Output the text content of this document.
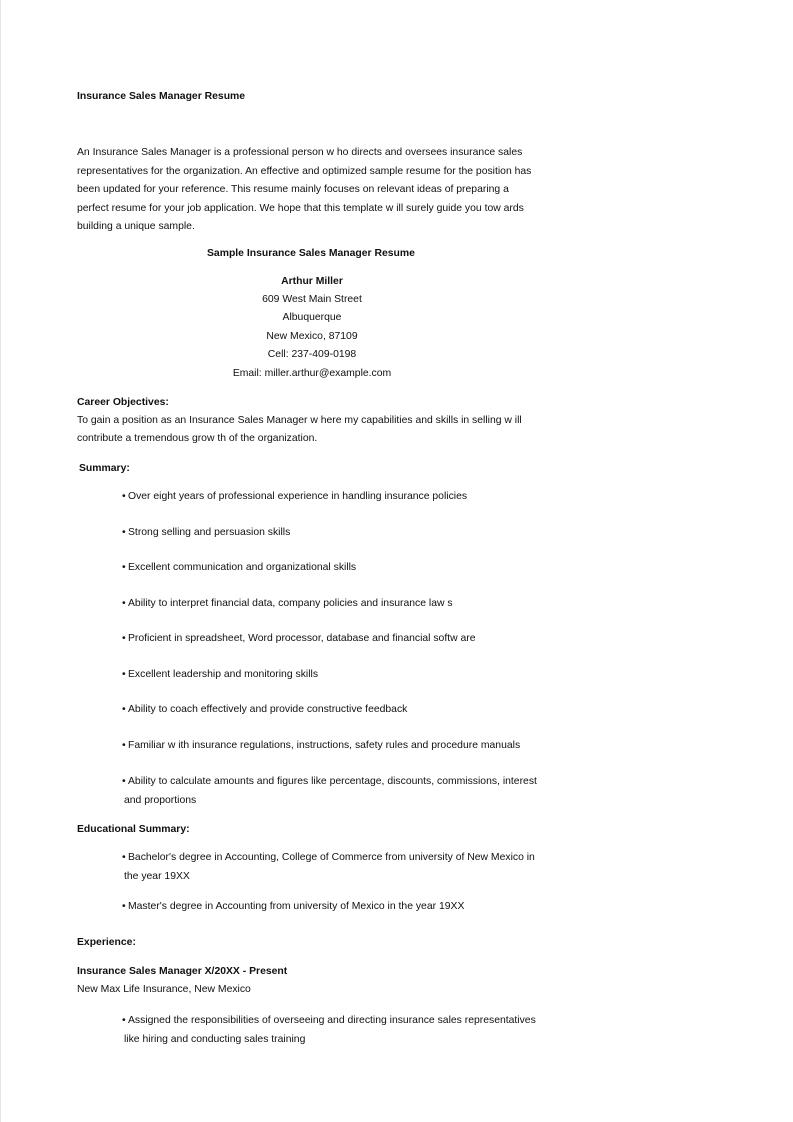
Insurance Sales Manager Resume
An Insurance Sales Manager is a professional person w ho directs and oversees insurance sales
representatives for the organization. An effective and optimized sample resume for the position has
been updated for your reference. This resume mainly focuses on relevant ideas of preparing a
perfect resume for your job application. We hope that this template w ill surely guide you tow ards
building a unique sample.
Sample Insurance Sales Manager Resume
Arthur Miller
609 West Main Street
Albuquerque
New Mexico, 87109
Cell: 237-409-0198
Email: miller.arthur@example.com
Career Objectives:
To gain a position as an Insurance Sales Manager w here my capabilities and skills in selling w ill
contribute a tremendous grow th of the organization.
Summary:
• Over eight years of professional experience in handling insurance policies
• Strong selling and persuasion skills
• Excellent communication and organizational skills
• Ability to interpret financial data, company policies and insurance law s
• Proficient in spreadsheet, Word processor, database and financial softw are
• Excellent leadership and monitoring skills
• Ability to coach effectively and provide constructive feedback
• Familiar w ith insurance regulations, instructions, safety rules and procedure manuals
• Ability to calculate amounts and figures like percentage, discounts, commissions, interest
and proportions
Educational Summary:
• Bachelor's degree in Accounting, College of Commerce from university of New Mexico in
the year 19XX
• Master's degree in Accounting from university of Mexico in the year 19XX
Experience:
Insurance Sales Manager X/20XX - Present
New Max Life Insurance, New Mexico
• Assigned the responsibilities of overseeing and directing insurance sales representatives
like hiring and conducting sales training
